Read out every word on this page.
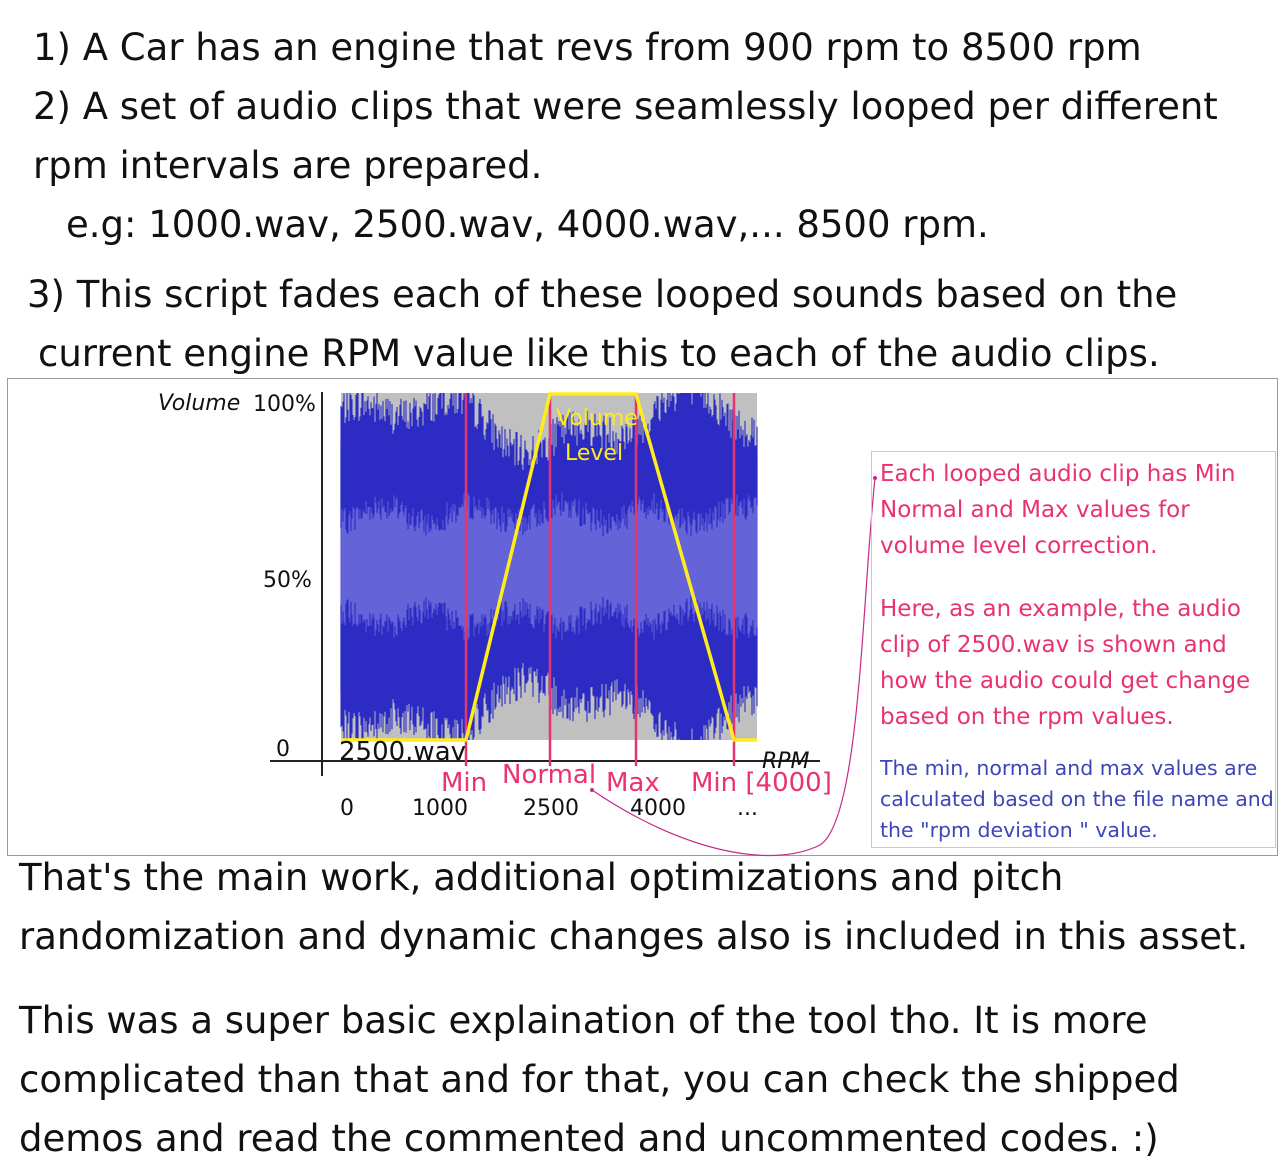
1) A Car has an engine that revs from 900 rpm to 8500 rpm

2) A set of audio clips that were seamlessly looped per different

rpm intervals are prepared.

e.g: 1000.wav, 2500.wav, 4000.wav,... 8500 rpm.

3) This script fades each of these looped sounds based on the

current engine RPM value like this to each of the audio clips.

Volume 100%
50%
0 2500.wav	RPM
Volume
Level
Min Normal Max Min [4000]
0	1000	2500 4000 ...

Each looped audio clip has Min

Normal and Max values for

volume level correction.

Here, as an example, the audio

clip of 2500.wav is shown and

how the audio could get change

based on the rpm values.

The min, normal and max values are

calculated based on the file name and

the "rpm deviation " value.

That's the main work, additional optimizations and pitch

randomization and dynamic changes also is included in this asset.

This was a super basic explaination of the tool tho. It is more

complicated than that and for that, you can check the shipped

demos and read the commented and uncommented codes. :)
